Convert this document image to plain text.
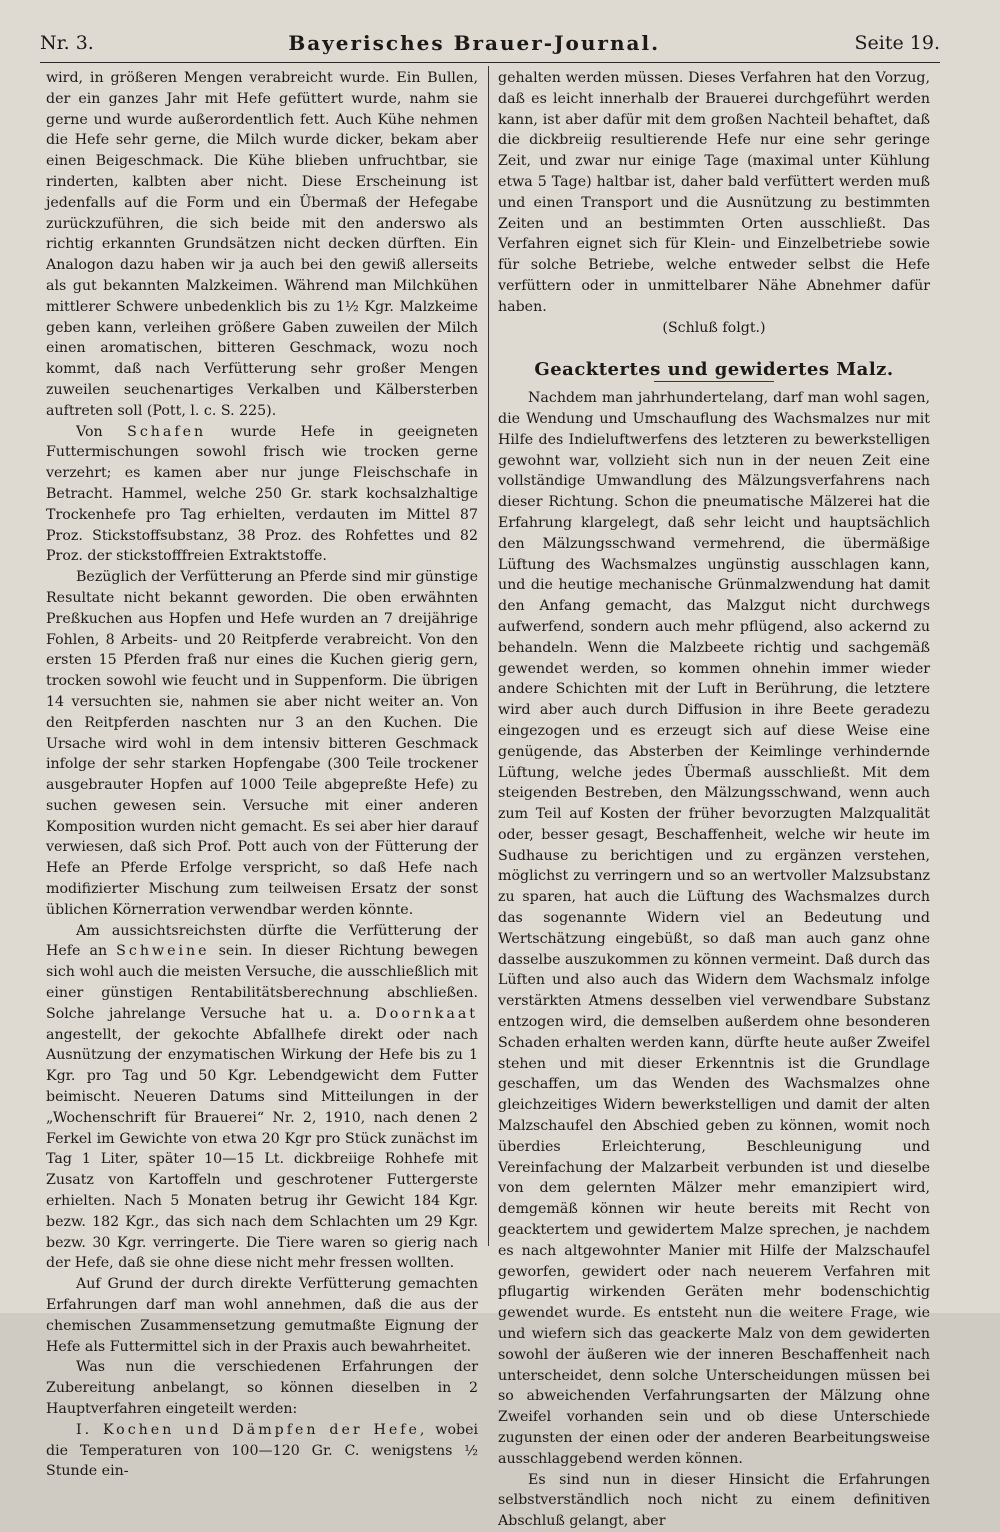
Nr. 3.	Bayerisches Brauer-Journal.	Seite 19.

wird, in größeren Mengen verabreicht wurde. Ein Bullen, der ein ganzes Jahr mit Hefe gefüttert wurde, nahm sie gerne und wurde außerordentlich fett. Auch Kühe nehmen die Hefe sehr gerne, die Milch wurde dicker, bekam aber einen Beigeschmack. Die Kühe blieben unfruchtbar, sie rinderten, kalbten aber nicht. Diese Erscheinung ist jedenfalls auf die Form und ein Übermaß der Hefegabe zurückzuführen, die sich beide mit den anderswo als richtig erkannten Grundsätzen nicht decken dürften. Ein Analogon dazu haben wir ja auch bei den gewiß allerseits als gut bekannten Malzkeimen. Während man Milchkühen mittlerer Schwere unbedenklich bis zu 1½ Kgr. Malzkeime geben kann, verleihen größere Gaben zuweilen der Milch einen aromatischen, bitteren Geschmack, wozu noch kommt, daß nach Verfütterung sehr großer Mengen zuweilen seuchenartiges Verkalben und Kälbersterben auftreten soll (Pott, l. c. S. 225).

Von Schafen wurde Hefe in geeigneten Futtermischungen sowohl frisch wie trocken gerne verzehrt; es kamen aber nur junge Fleischschafe in Betracht. Hammel, welche 250 Gr. stark kochsalzhaltige Trockenhefe pro Tag erhielten, verdauten im Mittel 87 Proz. Stickstoffsubstanz, 38 Proz. des Rohfettes und 82 Proz. der stickstofffreien Extraktstoffe.

Bezüglich der Verfütterung an Pferde sind mir günstige Resultate nicht bekannt geworden. Die oben erwähnten Preßkuchen aus Hopfen und Hefe wurden an 7 dreijährige Fohlen, 8 Arbeits- und 20 Reitpferde verabreicht. Von den ersten 15 Pferden fraß nur eines die Kuchen gierig gern, trocken sowohl wie feucht und in Suppenform. Die übrigen 14 versuchten sie, nahmen sie aber nicht weiter an. Von den Reitpferden naschten nur 3 an den Kuchen. Die Ursache wird wohl in dem intensiv bitteren Geschmack infolge der sehr starken Hopfengabe (300 Teile trockener ausgebrauter Hopfen auf 1000 Teile abgepreßte Hefe) zu suchen gewesen sein. Versuche mit einer anderen Komposition wurden nicht gemacht. Es sei aber hier darauf verwiesen, daß sich Prof. Pott auch von der Fütterung der Hefe an Pferde Erfolge verspricht, so daß Hefe nach modifizierter Mischung zum teilweisen Ersatz der sonst üblichen Körnerration verwendbar werden könnte.

Am aussichtsreichsten dürfte die Verfütterung der Hefe an Schweine sein. In dieser Richtung bewegen sich wohl auch die meisten Versuche, die ausschließlich mit einer günstigen Rentabilitätsberechnung abschließen. Solche jahrelange Versuche hat u. a. Doornkaat angestellt, der gekochte Abfallhefe direkt oder nach Ausnützung der enzymatischen Wirkung der Hefe bis zu 1 Kgr. pro Tag und 50 Kgr. Lebendgewicht dem Futter beimischt. Neueren Datums sind Mitteilungen in der „Wochenschrift für Brauerei“ Nr. 2, 1910, nach denen 2 Ferkel im Gewichte von etwa 20 Kgr pro Stück zunächst im Tag 1 Liter, später 10—15 Lt. dickbreiige Rohhefe mit Zusatz von Kartoffeln und geschrotener Futtergerste erhielten. Nach 5 Monaten betrug ihr Gewicht 184 Kgr. bezw. 182 Kgr., das sich nach dem Schlachten um 29 Kgr. bezw. 30 Kgr. verringerte. Die Tiere waren so gierig nach der Hefe, daß sie ohne diese nicht mehr fressen wollten.

Auf Grund der durch direkte Verfütterung gemachten Erfahrungen darf man wohl annehmen, daß die aus der chemischen Zusammensetzung gemutmaßte Eignung der Hefe als Futtermittel sich in der Praxis auch bewahrheitet.

Was nun die verschiedenen Erfahrungen der Zubereitung anbelangt, so können dieselben in 2 Hauptverfahren eingeteilt werden:

I. Kochen und Dämpfen der Hefe, wobei die Temperaturen von 100—120 Gr. C. wenigstens ½ Stunde ein-

gehalten werden müssen. Dieses Verfahren hat den Vorzug, daß es leicht innerhalb der Brauerei durchgeführt werden kann, ist aber dafür mit dem großen Nachteil behaftet, daß die dickbreiig resultierende Hefe nur eine sehr geringe Zeit, und zwar nur einige Tage (maximal unter Kühlung etwa 5 Tage) haltbar ist, daher bald verfüttert werden muß und einen Transport und die Ausnützung zu bestimmten Zeiten und an bestimmten Orten ausschließt. Das Verfahren eignet sich für Klein- und Einzelbetriebe sowie für solche Betriebe, welche entweder selbst die Hefe verfüttern oder in unmittelbarer Nähe Abnehmer dafür haben.

(Schluß folgt.)

Geacktertes und gewidertes Malz.

Nachdem man jahrhundertelang, darf man wohl sagen, die Wendung und Umschauflung des Wachsmalzes nur mit Hilfe des Indieluftwerfens des letzteren zu bewerkstelligen gewohnt war, vollzieht sich nun in der neuen Zeit eine vollständige Umwandlung des Mälzungsverfahrens nach dieser Richtung. Schon die pneumatische Mälzerei hat die Erfahrung klargelegt, daß sehr leicht und hauptsächlich den Mälzungsschwand vermehrend, die übermäßige Lüftung des Wachsmalzes ungünstig ausschlagen kann, und die heutige mechanische Grünmalzwendung hat damit den Anfang gemacht, das Malzgut nicht durchwegs aufwerfend, sondern auch mehr pflügend, also ackernd zu behandeln. Wenn die Malzbeete richtig und sachgemäß gewendet werden, so kommen ohnehin immer wieder andere Schichten mit der Luft in Berührung, die letztere wird aber auch durch Diffusion in ihre Beete geradezu eingezogen und es erzeugt sich auf diese Weise eine genügende, das Absterben der Keimlinge verhindernde Lüftung, welche jedes Übermaß ausschließt. Mit dem steigenden Bestreben, den Mälzungsschwand, wenn auch zum Teil auf Kosten der früher bevorzugten Malzqualität oder, besser gesagt, Beschaffenheit, welche wir heute im Sudhause zu berichtigen und zu ergänzen verstehen, möglichst zu verringern und so an wertvoller Malzsubstanz zu sparen, hat auch die Lüftung des Wachsmalzes durch das sogenannte Widern viel an Bedeutung und Wertschätzung eingebüßt, so daß man auch ganz ohne dasselbe auszukommen zu können vermeint. Daß durch das Lüften und also auch das Widern dem Wachsmalz infolge verstärkten Atmens desselben viel verwendbare Substanz entzogen wird, die demselben außerdem ohne besonderen Schaden erhalten werden kann, dürfte heute außer Zweifel stehen und mit dieser Erkenntnis ist die Grundlage geschaffen, um das Wenden des Wachsmalzes ohne gleichzeitiges Widern bewerkstelligen und damit der alten Malzschaufel den Abschied geben zu können, womit noch überdies Erleichterung, Beschleunigung und Vereinfachung der Malzarbeit verbunden ist und dieselbe von dem gelernten Mälzer mehr emanzipiert wird, demgemäß können wir heute bereits mit Recht von geacktertem und gewidertem Malze sprechen, je nachdem es nach altgewohnter Manier mit Hilfe der Malzschaufel geworfen, gewidert oder nach neuerem Verfahren mit pflugartig wirkenden Geräten mehr bodenschichtig gewendet wurde. Es entsteht nun die weitere Frage, wie und wiefern sich das geackerte Malz von dem gewiderten sowohl der äußeren wie der inneren Beschaffenheit nach unterscheidet, denn solche Unterscheidungen müssen bei so abweichenden Verfahrungsarten der Mälzung ohne Zweifel vorhanden sein und ob diese Unterschiede zugunsten der einen oder der anderen Bearbeitungsweise ausschlaggebend werden können.

Es sind nun in dieser Hinsicht die Erfahrungen selbstverständlich noch nicht zu einem definitiven Abschluß gelangt, aber
